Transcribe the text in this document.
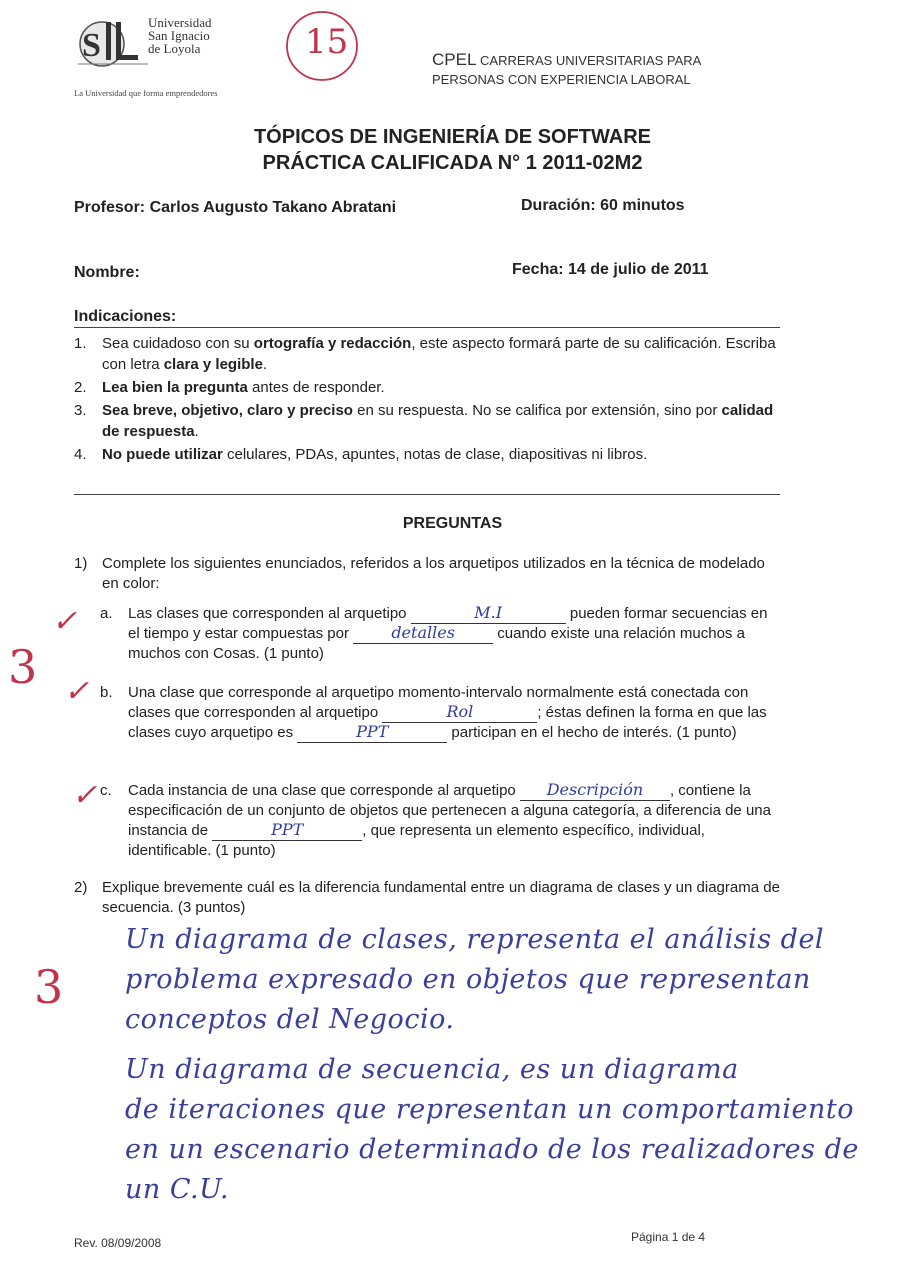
S
Universidad
San Ignacio
de Loyola
La Universidad que forma emprendedores
15	CPEL CARRERAS UNIVERSITARIAS PARA
PERSONAS CON EXPERIENCIA LABORAL
TÓPICOS DE INGENIERÍA DE SOFTWARE
PRÁCTICA CALIFICADA N° 1 2011-02M2
Profesor: Carlos Augusto Takano Abratani	Duración: 60 minutos
Nombre:	Fecha: 14 de julio de 2011
Indicaciones:
1. Sea cuidadoso con su ortografía y redacción, este aspecto formará parte de su calificación. Escriba con letra clara y legible.
2. Lea bien la pregunta antes de responder.
3. Sea breve, objetivo, claro y preciso en su respuesta. No se califica por extensión, sino por calidad de respuesta.
4. No puede utilizar celulares, PDAs, apuntes, notas de clase, diapositivas ni libros.
PREGUNTAS
1) Complete los siguientes enunciados, referidos a los arquetipos utilizados en la técnica de modelado en color:
✓
✓
✓
3
a. Las clases que corresponden al arquetipo	M.I	pueden formar secuencias en el tiempo y estar compuestas por	detalles	cuando existe una relación muchos a muchos con Cosas. (1 punto)
b. Una clase que corresponde al arquetipo momento-intervalo normalmente está conectada con clases que corresponden al arquetipo	Rol	; éstas definen la forma en que las clases cuyo arquetipo es	PPT	participan en el hecho de interés. (1 punto)
c. Cada instancia de una clase que corresponde al arquetipo	Descripción	, contiene la especificación de un conjunto de objetos que pertenecen a alguna categoría, a diferencia de una instancia de	PPT	, que representa un elemento específico, individual, identificable. (1 punto)
2) Explique brevemente cuál es la diferencia fundamental entre un diagrama de clases y un diagrama de secuencia. (3 puntos)
3

Un diagrama de clases, representa el análisis del

problema expresado en objetos que representan

conceptos del Negocio.

Un diagrama de secuencia, es un diagrama

de iteraciones que representan un comportamiento

en un escenario determinado de los realizadores de

un C.U.

Rev. 08/09/2008	Página 1 de 4
